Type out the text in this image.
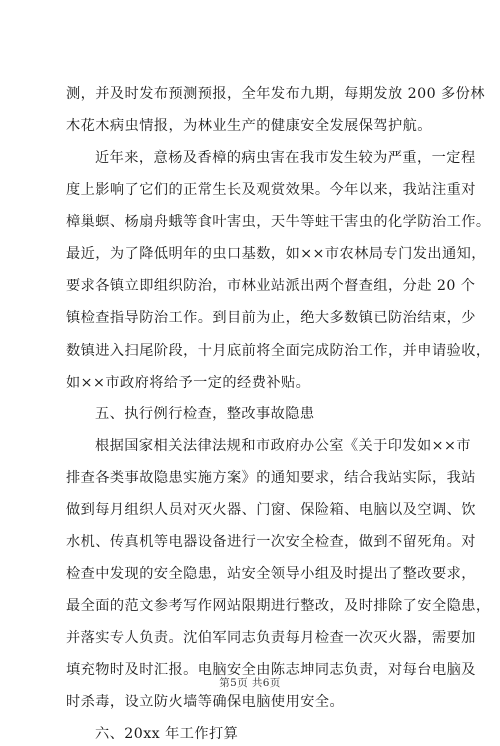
测，并及时发布预测预报，全年发布九期，每期发放 200 多份林
木花木病虫情报，为林业生产的健康安全发展保驾护航。
近年来，意杨及香樟的病虫害在我市发生较为严重，一定程
度上影响了它们的正常生长及观赏效果。今年以来，我站注重对
樟巢螟、杨扇舟蛾等食叶害虫，天牛等蛀干害虫的化学防治工作。
最近，为了降低明年的虫口基数，如××市农林局专门发出通知，
要求各镇立即组织防治，市林业站派出两个督查组，分赴 20 个
镇检查指导防治工作。到目前为止，绝大多数镇已防治结束，少
数镇进入扫尾阶段，十月底前将全面完成防治工作，并申请验收，
如××市政府将给予一定的经费补贴。
五、执行例行检查，整改事故隐患
根据国家相关法律法规和市政府办公室《关于印发如××市
排查各类事故隐患实施方案》的通知要求，结合我站实际，我站
做到每月组织人员对灭火器、门窗、保险箱、电脑以及空调、饮
水机、传真机等电器设备进行一次安全检查，做到不留死角。对
检查中发现的安全隐患，站安全领导小组及时提出了整改要求，
最全面的范文参考写作网站限期进行整改，及时排除了安全隐患，
并落实专人负责。沈伯军同志负责每月检查一次灭火器，需要加
填充物时及时汇报。电脑安全由陈志坤同志负责，对每台电脑及
时杀毒，设立防火墙等确保电脑使用安全。
六、20xx 年工作打算
第5页 共6页
